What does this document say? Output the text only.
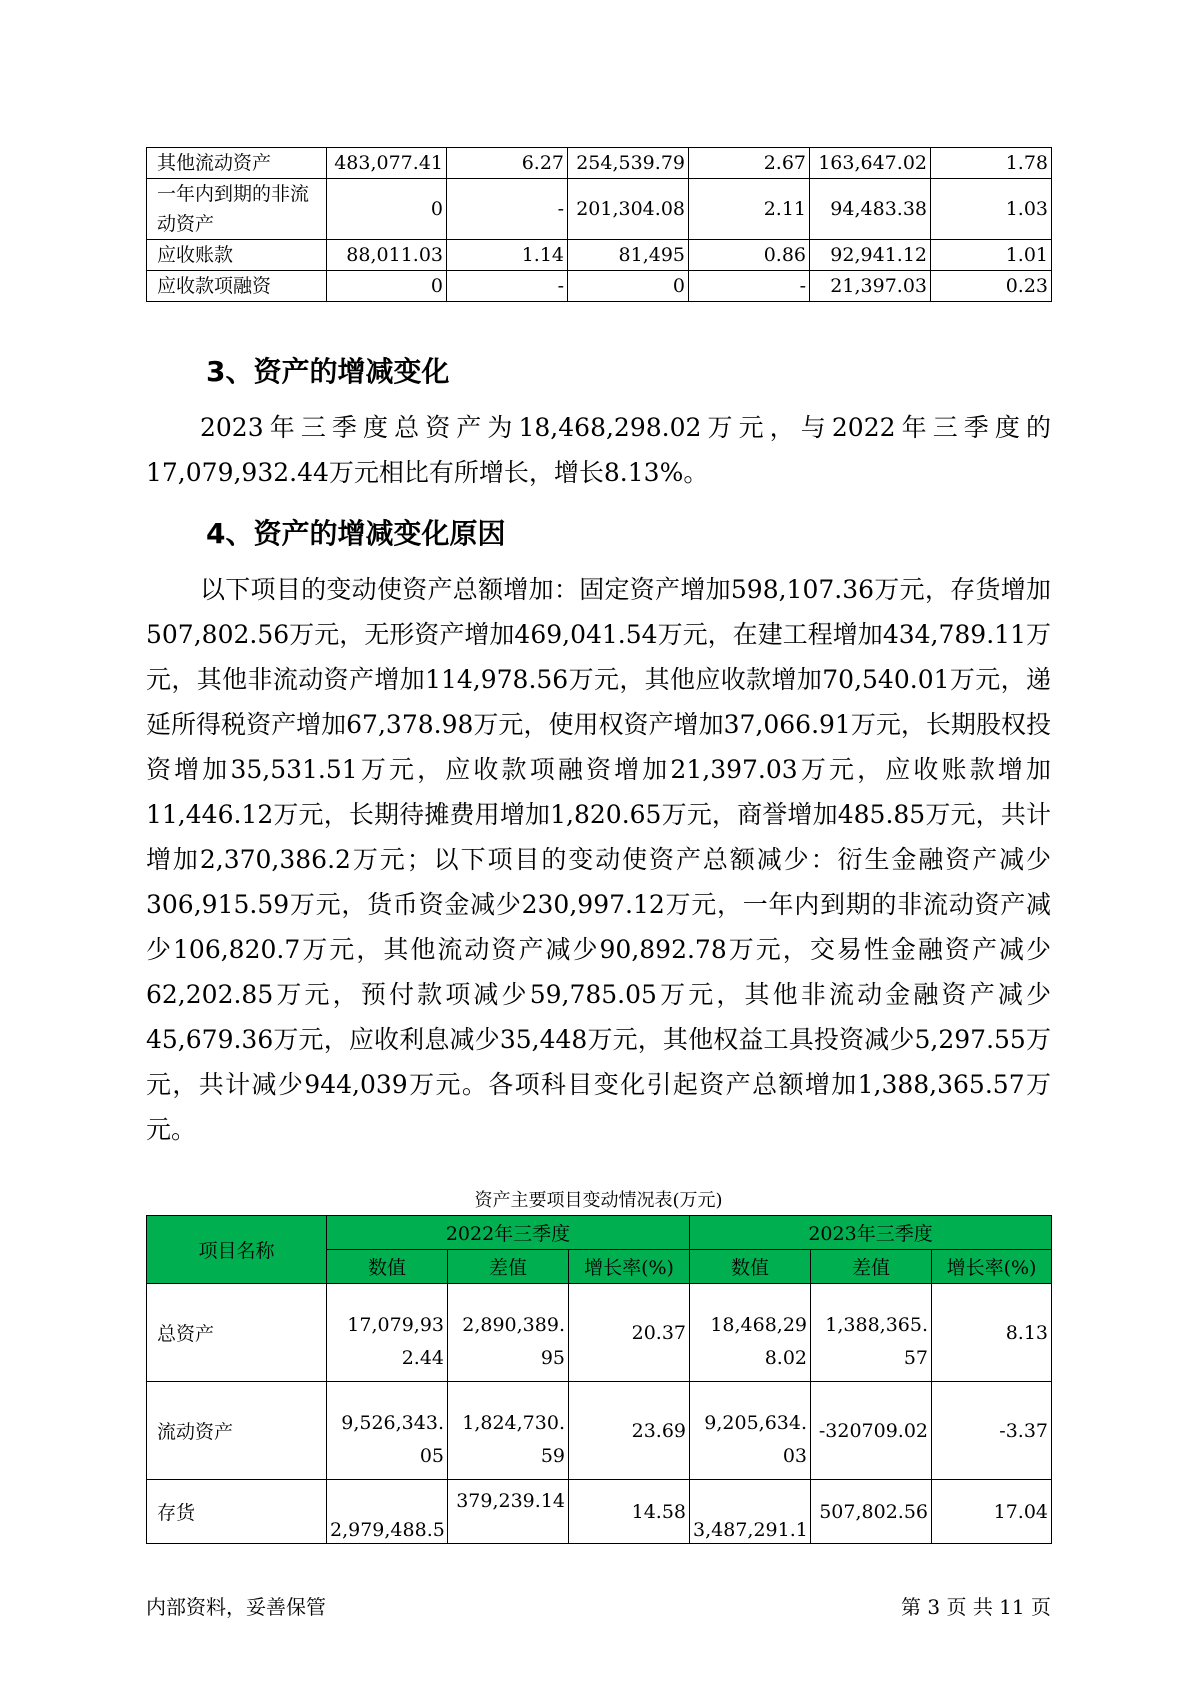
其他流动资产	483,077.41	6.27	254,539.79	2.67	163,647.02	1.78
一年内到期的非流动资产	0	-	201,304.08	2.11	94,483.38	1.03
应收账款	88,011.03	1.14	81,495	0.86	92,941.12	1.01
应收款项融资	0	-	0	-	21,397.03	0.23
3、资产的增减变化

2023年三季度总资产为18,468,298.02万元，与2022年三季度的17,079,932.44万元相比有所增长，增长8.13%。

4、资产的增减变化原因

以下项目的变动使资产总额增加：固定资产增加598,107.36万元，存货增加507,802.56万元，无形资产增加469,041.54万元，在建工程增加434,789.11万元，其他非流动资产增加114,978.56万元，其他应收款增加70,540.01万元，递延所得税资产增加67,378.98万元，使用权资产增加37,066.91万元，长期股权投资增加35,531.51万元，应收款项融资增加21,397.03万元，应收账款增加11,446.12万元，长期待摊费用增加1,820.65万元，商誉增加485.85万元，共计增加2,370,386.2万元；以下项目的变动使资产总额减少：衍生金融资产减少306,915.59万元，货币资金减少230,997.12万元，一年内到期的非流动资产减少106,820.7万元，其他流动资产减少90,892.78万元，交易性金融资产减少62,202.85万元，预付款项减少59,785.05万元，其他非流动金融资产减少45,679.36万元，应收利息减少35,448万元，其他权益工具投资减少5,297.55万元，共计减少944,039万元。各项科目变化引起资产总额增加1,388,365.57万元。

资产主要项目变动情况表(万元)

项目名称	2022年三季度			2023年三季度		
	数值	差值	增长率(%)	数值	差值	增长率(%)
总资产	17,079,932.44	2,890,389.95	20.37	18,468,298.02	1,388,365.57	8.13
流动资产	9,526,343.05	1,824,730.59	23.69	9,205,634.03	-320709.02	-3.37
存货	2,979,488.5	379,239.14	14.58	3,487,291.1	507,802.56	17.04

内部资料，妥善保管	第 3 页 共 11 页
